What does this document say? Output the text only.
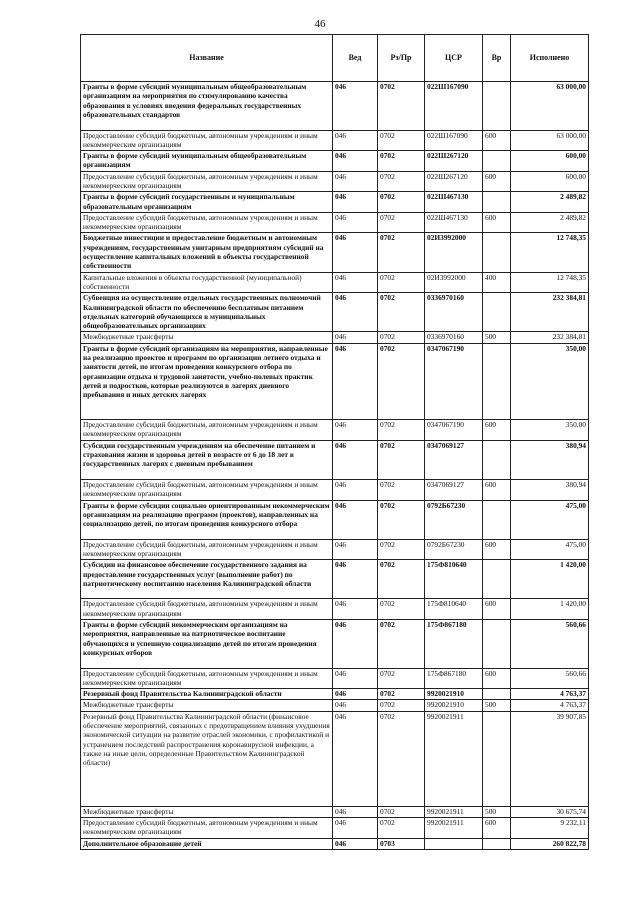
46
Название	Вед	Рз/Пр	ЦСР	Вр	Исполнено
Гранты в форме субсидий муниципальным общеобразовательным организациям на мероприятия по стимулированию качества образования в условиях введения федеральных государственных образовательных стандартов	046	0702	022Ш167090		63 000,00
Предоставление субсидий бюджетным, автономным учреждениям и иным некоммерческим организациям	046	0702	022Ш167090	600	63 000,00
Гранты в форме субсидий муниципальным общеобразовательным организациям	046	0702	022Ш267120		600,00
Предоставление субсидий бюджетным, автономным учреждениям и иным некоммерческим организациям	046	0702	022Ш267120	600	600,00
Гранты в форме субсидий государственным и муниципальным образовательным организациям	046	0702	022Ш467130		2 489,82
Предоставление субсидий бюджетным, автономным учреждениям и иным некоммерческим организациям	046	0702	022Ш467130	600	2 489,82
Бюджетные инвестиции и предоставление бюджетным и автономным учреждениям, государственным унитарным предприятиям субсидий на осуществление капитальных вложений в объекты государственной собственности	046	0702	02И3992000		12 748,35
Капитальные вложения в объекты государственной (муниципальной) собственности	046	0702	02И3992000	400	12 748,35
Субвенция на осуществление отдельных государственных полномочий Калининградской области по обеспечению бесплатным питанием отдельных категорий обучающихся в муниципальных общеобразовательных организациях	046	0702	0336970160		232 384,81
Межбюджетные трансферты	046	0702	0336970160	500	232 384,81
Гранты в форме субсидий организациям на мероприятия, направленные на реализацию проектов и программ по организации летнего отдыха и занятости детей, по итогам проведения конкурсного отбора по организации отдыха и трудовой занятости, учебно-полевых практик детей и подростков, которые реализуются в лагерях дневного пребывания и иных детских лагерях	046	0702	0347067190		350,00
Предоставление субсидий бюджетным, автономным учреждениям и иным некоммерческим организациям	046	0702	0347067190	600	350,00
Субсидии государственным учреждениям на обеспечение питанием и страхования жизни и здоровья детей в возрасте от 6 до 18 лет в государственных лагерях с дневным пребыванием	046	0702	0347069127		380,94
Предоставление субсидий бюджетным, автономным учреждениям и иным некоммерческим организациям	046	0702	0347069127	600	380,94
Гранты в форме субсидии социально ориентированным некоммерческим организациям на реализацию программ (проектов), направленных на социализацию детей, по итогам проведения конкурсного отбора	046	0702	0792Б67230		475,00
Предоставление субсидий бюджетным, автономным учреждениям и иным некоммерческим организациям	046	0702	0792Б67230	600	475,00
Субсидии на финансовое обеспечение государственного задания на предоставление государственных услуг (выполнение работ) по патриотическому воспитанию населения Калининградской области	046	0702	175Ф810640		1 420,00
Предоставление субсидий бюджетным, автономным учреждениям и иным некоммерческим организациям	046	0702	175Ф810640	600	1 420,00
Гранты в форме субсидий некоммерческим организациям на мероприятия, направленные на патриотическое воспитание обучающихся и успешную социализацию детей по итогам проведения конкурсных отборов	046	0702	175Ф867180		560,66
Предоставление субсидий бюджетным, автономным учреждениям и иным некоммерческим организациям	046	0702	175Ф867180	600	560,66
Резервный фонд Правительства Калининградской области	046	0702	9920021910		4 763,37
Межбюджетные трансферты	046	0702	9920021910	500	4 763,37
Резервный фонд Правительства Калининградской области (финансовое обеспечение мероприятий, связанных с предотвращением влияния ухудшения экономической ситуации на развитие отраслей экономики, с профилактикой и устранением последствий распространения коронавирусной инфекции, а также на иные цели, определенные Правительством Калининградской области)	046	0702	9920021911		39 907,85
Межбюджетные трансферты	046	0702	9920021911	500	30 675,74
Предоставление субсидий бюджетным, автономным учреждениям и иным некоммерческим организациям	046	0702	9920021911	600	9 232,11
Дополнительное образование детей	046	0703			260 822,78
